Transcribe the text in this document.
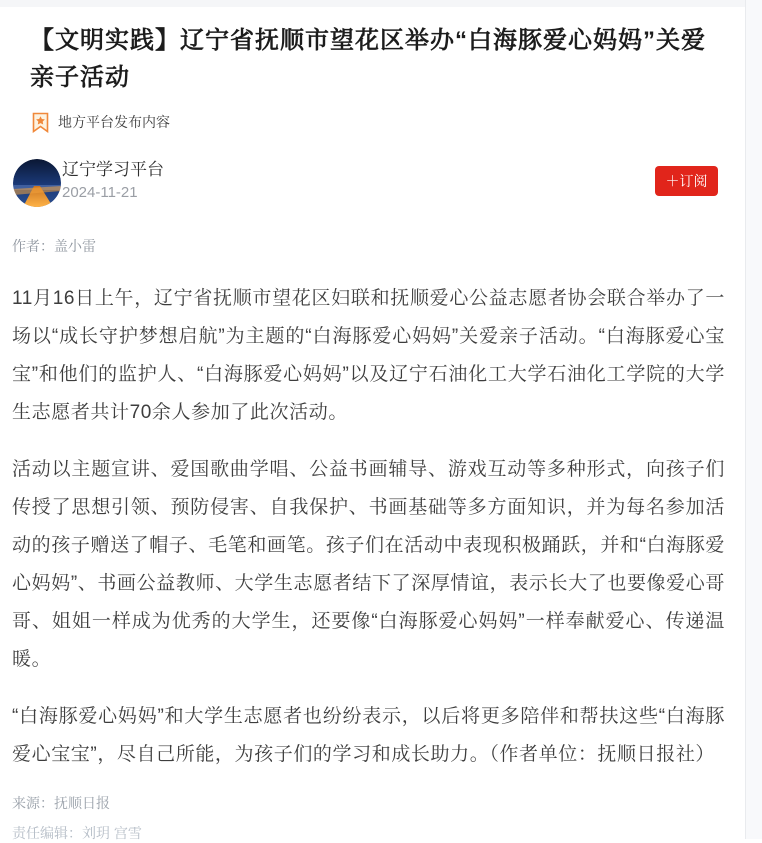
【文明实践】辽宁省抚顺市望花区举办“白海豚爱心妈妈”关爱亲子活动
地方平台发布内容
辽宁学习平台
2024-11-21
＋订阅
作者：盖小雷

11月16日上午，辽宁省抚顺市望花区妇联和抚顺爱心公益志愿者协会联合举办了一场以“成长守护梦想启航”为主题的“白海豚爱心妈妈”关爱亲子活动。“白海豚爱心宝宝”和他们的监护人、“白海豚爱心妈妈”以及辽宁石油化工大学石油化工学院的大学生志愿者共计70余人参加了此次活动。

活动以主题宣讲、爱国歌曲学唱、公益书画辅导、游戏互动等多种形式，向孩子们传授了思想引领、预防侵害、自我保护、书画基础等多方面知识，并为每名参加活动的孩子赠送了帽子、毛笔和画笔。孩子们在活动中表现积极踊跃，并和“白海豚爱心妈妈”、书画公益教师、大学生志愿者结下了深厚情谊，表示长大了也要像爱心哥哥、姐姐一样成为优秀的大学生，还要像“白海豚爱心妈妈”一样奉献爱心、传递温暖。

“白海豚爱心妈妈”和大学生志愿者也纷纷表示，以后将更多陪伴和帮扶这些“白海豚爱心宝宝”，尽自己所能，为孩子们的学习和成长助力。（作者单位：抚顺日报社）

来源：抚顺日报
责任编辑：刘玥 宫雪
